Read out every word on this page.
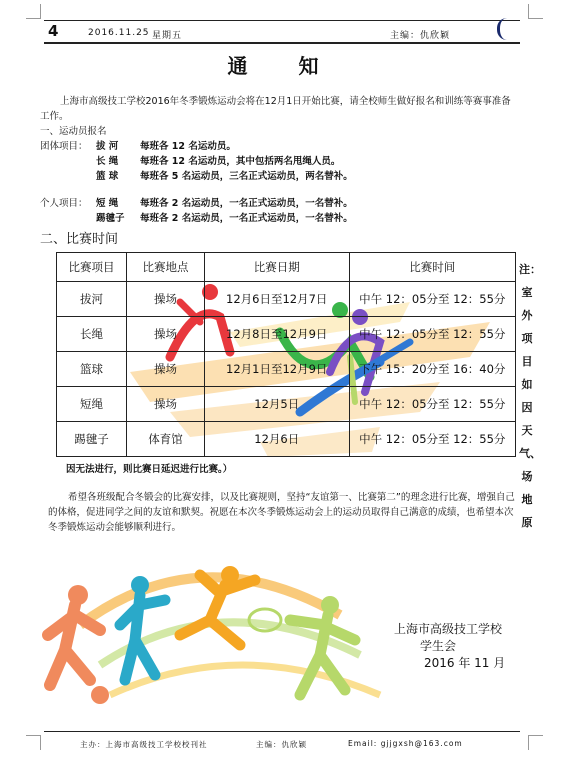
4	2016.11.25 星期五	主编：仇欣颖
通 知
上海市高级技工学校2016年冬季锻炼运动会将在12月1日开始比赛，请全校师生做好报名和训练等赛事准备工作。
一、运动员报名
团体项目： 拔 河 每班各 12 名运动员。
长 绳 每班各 12 名运动员，其中包括两名甩绳人员。
篮 球 每班各 5 名运动员，三名正式运动员，两名替补。
个人项目： 短 绳 每班各 2 名运动员，一名正式运动员，一名替补。
踢毽子 每班各 2 名运动员，一名正式运动员，一名替补。
二、比赛时间
比赛项目	比赛地点	比赛日期	比赛时间
拔河	操场	12月6日至12月7日	中午 12：05分至 12：55分
长绳	操场	12月8日至12月9日	中午 12：05分至 12：55分
篮球	操场	12月1日至12月9日	下午 15：20分至 16：40分
短绳	操场	12月5日	中午 12：05分至 12：55分
踢毽子	体育馆	12月6日	中午 12：05分至 12：55分
注：室外项目如因天气、场地原
因无法进行，则比赛日延迟进行比赛。）
希望各班级配合冬锻会的比赛安排，以及比赛规则，坚持“友谊第一、比赛第二”的理念进行比赛，增强自己的体格，促进同学之间的友谊和默契。祝愿在本次冬季锻炼运动会上的运动员取得自己满意的成绩，也希望本次冬季锻炼运动会能够顺利进行。
上海市高级技工学校
学生会
2016 年 11 月
主办：上海市高级技工学校校刊社	主编：仇欣颖	Email: gjjgxsh@163.com
